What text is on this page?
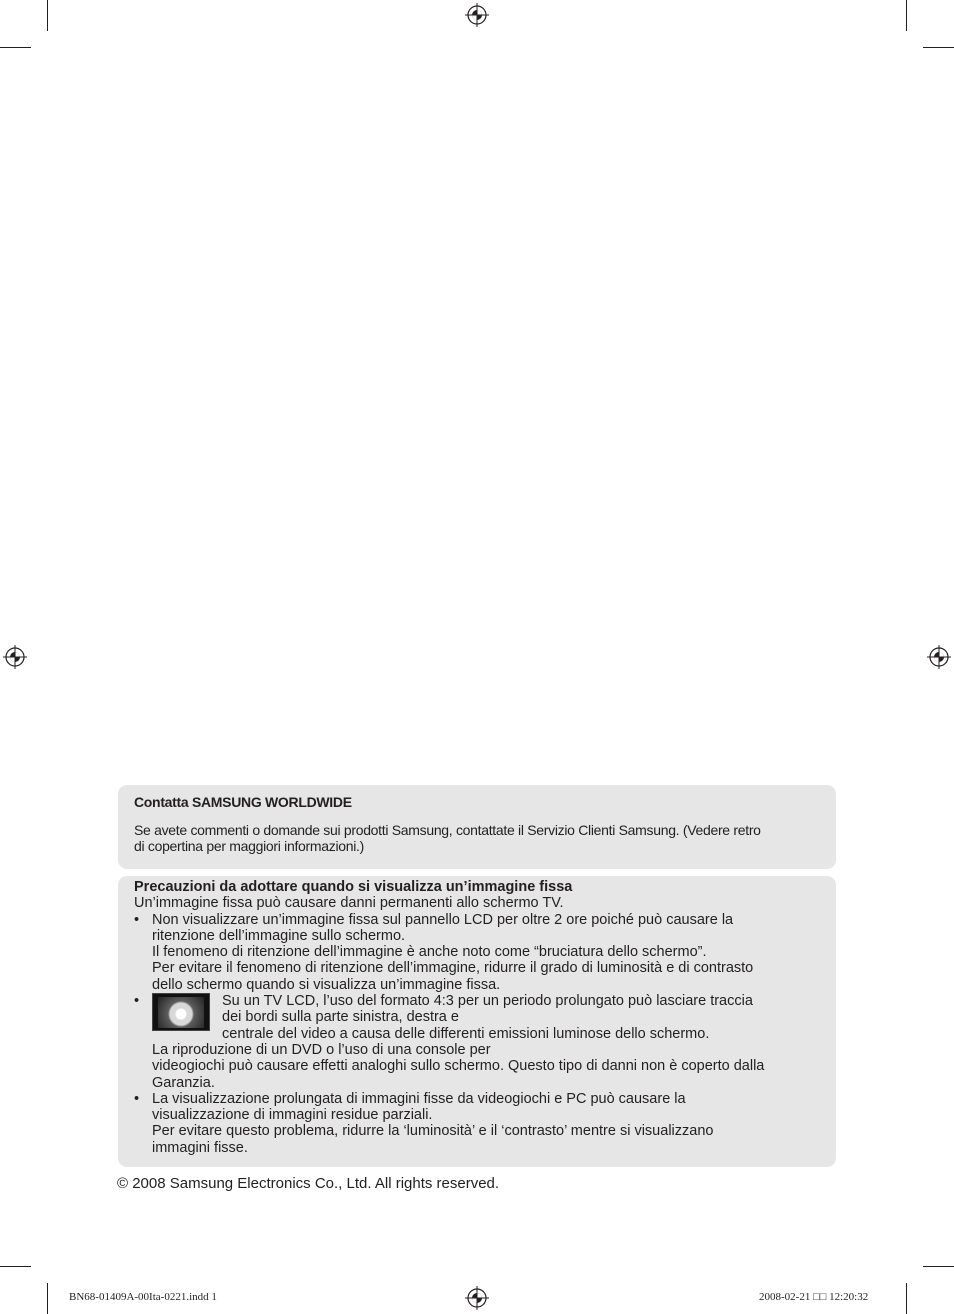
Contatta SAMSUNG WORLDWIDE
Se avete commenti o domande sui prodotti Samsung, contattate il Servizio Clienti Samsung. (Vedere retro
di copertina per maggiori informazioni.)
Precauzioni da adottare quando si visualizza un’immagine fissa
Un’immagine fissa può causare danni permanenti allo schermo TV.
• Non visualizzare un’immagine fissa sul pannello LCD per oltre 2 ore poiché può causare la
ritenzione dell’immagine sullo schermo.
Il fenomeno di ritenzione dell’immagine è anche noto come “bruciatura dello schermo”.
Per evitare il fenomeno di ritenzione dell’immagine, ridurre il grado di luminosità e di contrasto
dello schermo quando si visualizza un’immagine fissa.
•	Su un TV LCD, l’uso del formato 4:3 per un periodo prolungato può lasciare traccia
dei bordi sulla parte sinistra, destra e
centrale del video a causa delle differenti emissioni luminose dello schermo.
La riproduzione di un DVD o l’uso di una console per
videogiochi può causare effetti analoghi sullo schermo. Questo tipo di danni non è coperto dalla
Garanzia.
• La visualizzazione prolungata di immagini fisse da videogiochi e PC può causare la
visualizzazione di immagini residue parziali.
Per evitare questo problema, ridurre la ‘luminosità’ e il ‘contrasto’ mentre si visualizzano
immagini fisse.
© 2008 Samsung Electronics Co., Ltd. All rights reserved.
BN68-01409A-00Ita-0221.indd 1	2008-02-21 □□ 12:20:32
